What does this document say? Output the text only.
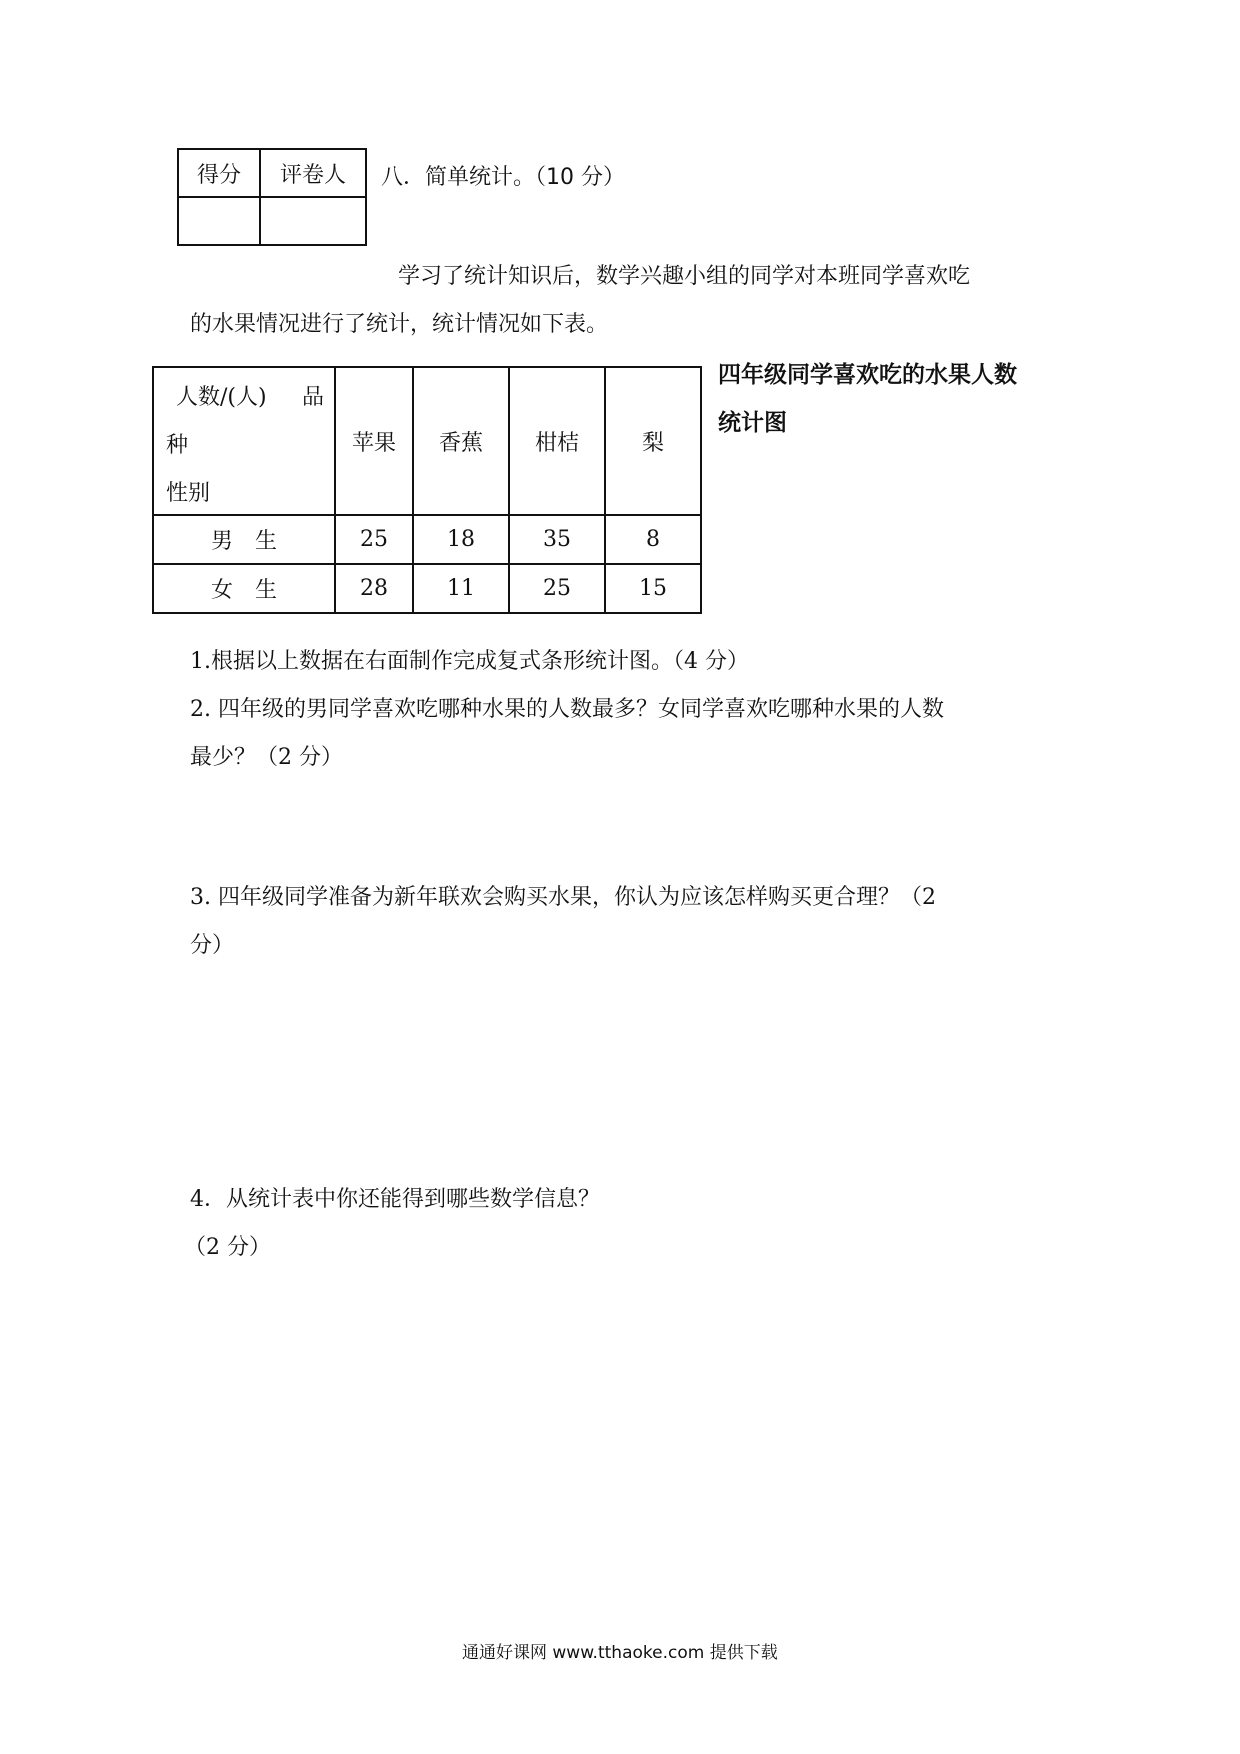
得分	评卷人
	八．简单统计。（10 分）
学习了统计知识后，数学兴趣小组的同学对本班同学喜欢吃
的水果情况进行了统计，统计情况如下表。
人数/(人) 品
种
性别	苹果	香蕉	柑桔	梨
男生	25	18	35	8
女生	28	11	25	15
四年级同学喜欢吃的水果人数
统计图
1.根据以上数据在右面制作完成复式条形统计图。（4 分）
2. 四年级的男同学喜欢吃哪种水果的人数最多？女同学喜欢吃哪种水果的人数
最少？（2 分）
3. 四年级同学准备为新年联欢会购买水果，你认为应该怎样购买更合理？（2
分）
4．从统计表中你还能得到哪些数学信息？
（2 分）
通通好课网 www.tthaoke.com 提供下载
